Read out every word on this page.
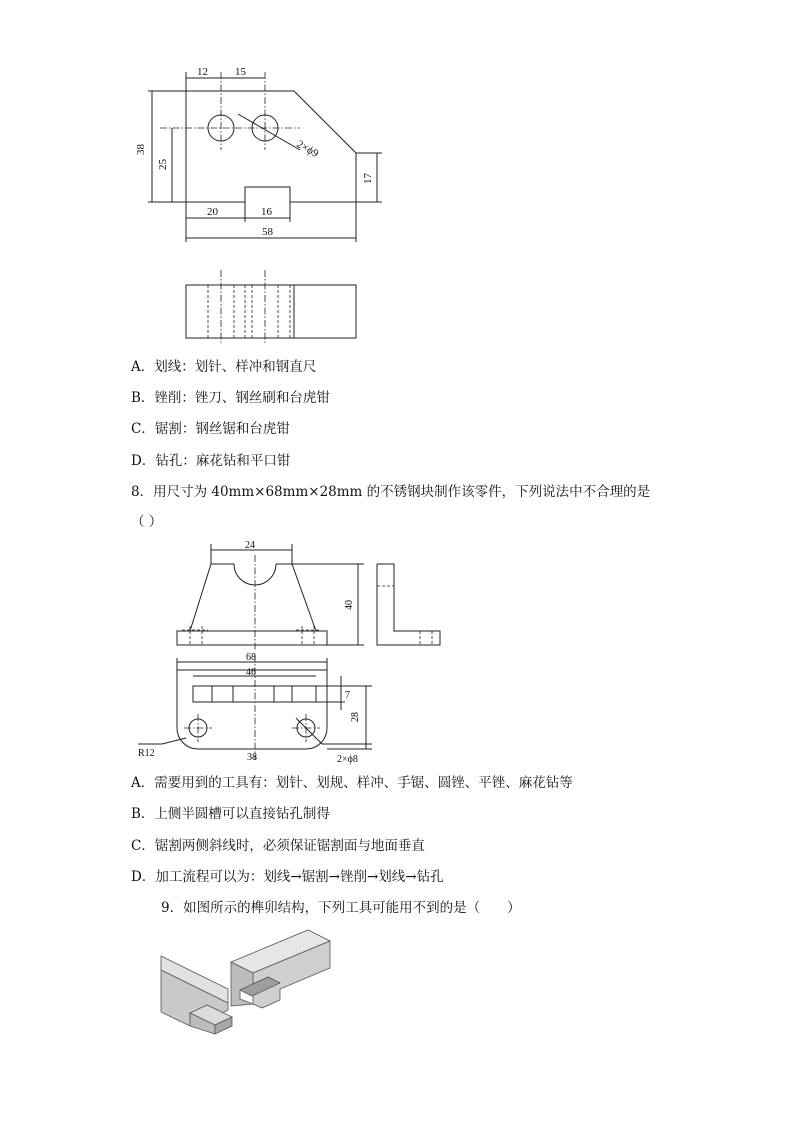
12 15
38
25
17
2×ϕ9
20	16
58
A．划线：划针、样冲和钢直尺
B．锉削：锉刀、钢丝刷和台虎钳
C．锯割：钢丝锯和台虎钳
D．钻孔：麻花钻和平口钳
8．用尺寸为 40mm×68mm×28mm 的不锈钢块制作该零件，下列说法中不合理的是
（ ）
24
40
68
46
7
28
38
R12
2×ϕ8
A．需要用到的工具有：划针、划规、样冲、手锯、圆锉、平锉、麻花钻等
B．上侧半圆槽可以直接钻孔制得
C．锯割两侧斜线时，必须保证锯割面与地面垂直
D．加工流程可以为：划线→锯割→锉削→划线→钻孔
9．如图所示的榫卯结构，下列工具可能用不到的是（　　）
